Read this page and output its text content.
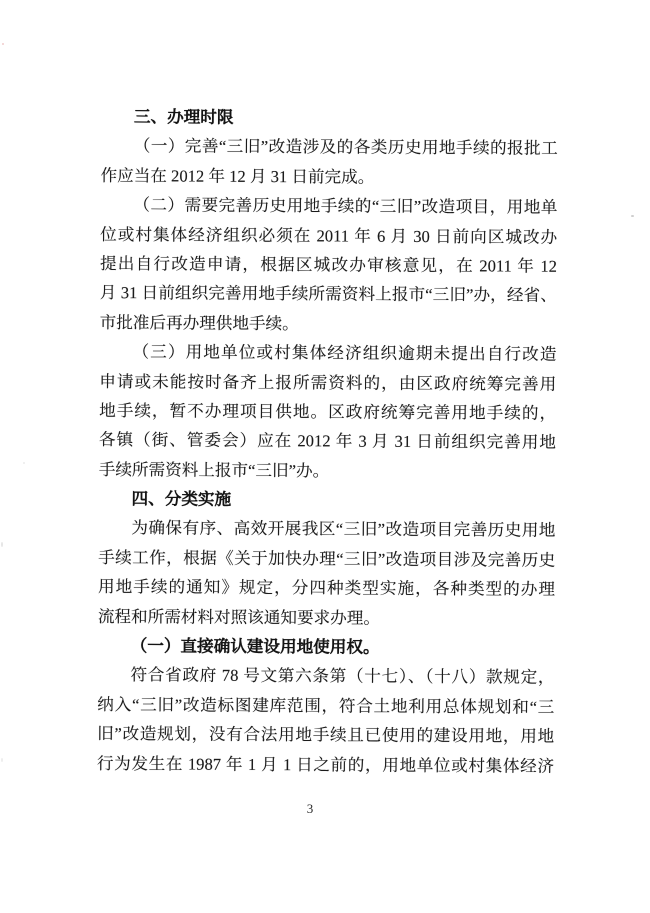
三、办理时限
（一）完善“三旧”改造涉及的各类历史用地手续的报批工
作应当在 2012 年 12 月 31 日前完成。
（二）需要完善历史用地手续的“三旧”改造项目，用地单
位或村集体经济组织必须在 2011 年 6 月 30 日前向区城改办
提出自行改造申请，根据区城改办审核意见，在 2011 年 12
月 31 日前组织完善用地手续所需资料上报市“三旧”办，经省、
市批准后再办理供地手续。
（三）用地单位或村集体经济组织逾期未提出自行改造
申请或未能按时备齐上报所需资料的，由区政府统筹完善用
地手续，暂不办理项目供地。区政府统筹完善用地手续的，
各镇（街、管委会）应在 2012 年 3 月 31 日前组织完善用地
手续所需资料上报市“三旧”办。
四、分类实施
为确保有序、高效开展我区“三旧”改造项目完善历史用地
手续工作，根据《关于加快办理“三旧”改造项目涉及完善历史
用地手续的通知》规定，分四种类型实施，各种类型的办理
流程和所需材料对照该通知要求办理。
（一）直接确认建设用地使用权。
符合省政府 78 号文第六条第（十七）、（十八）款规定，
纳入“三旧”改造标图建库范围，符合土地利用总体规划和“三
旧”改造规划，没有合法用地手续且已使用的建设用地，用地
行为发生在 1987 年 1 月 1 日之前的，用地单位或村集体经济
3
